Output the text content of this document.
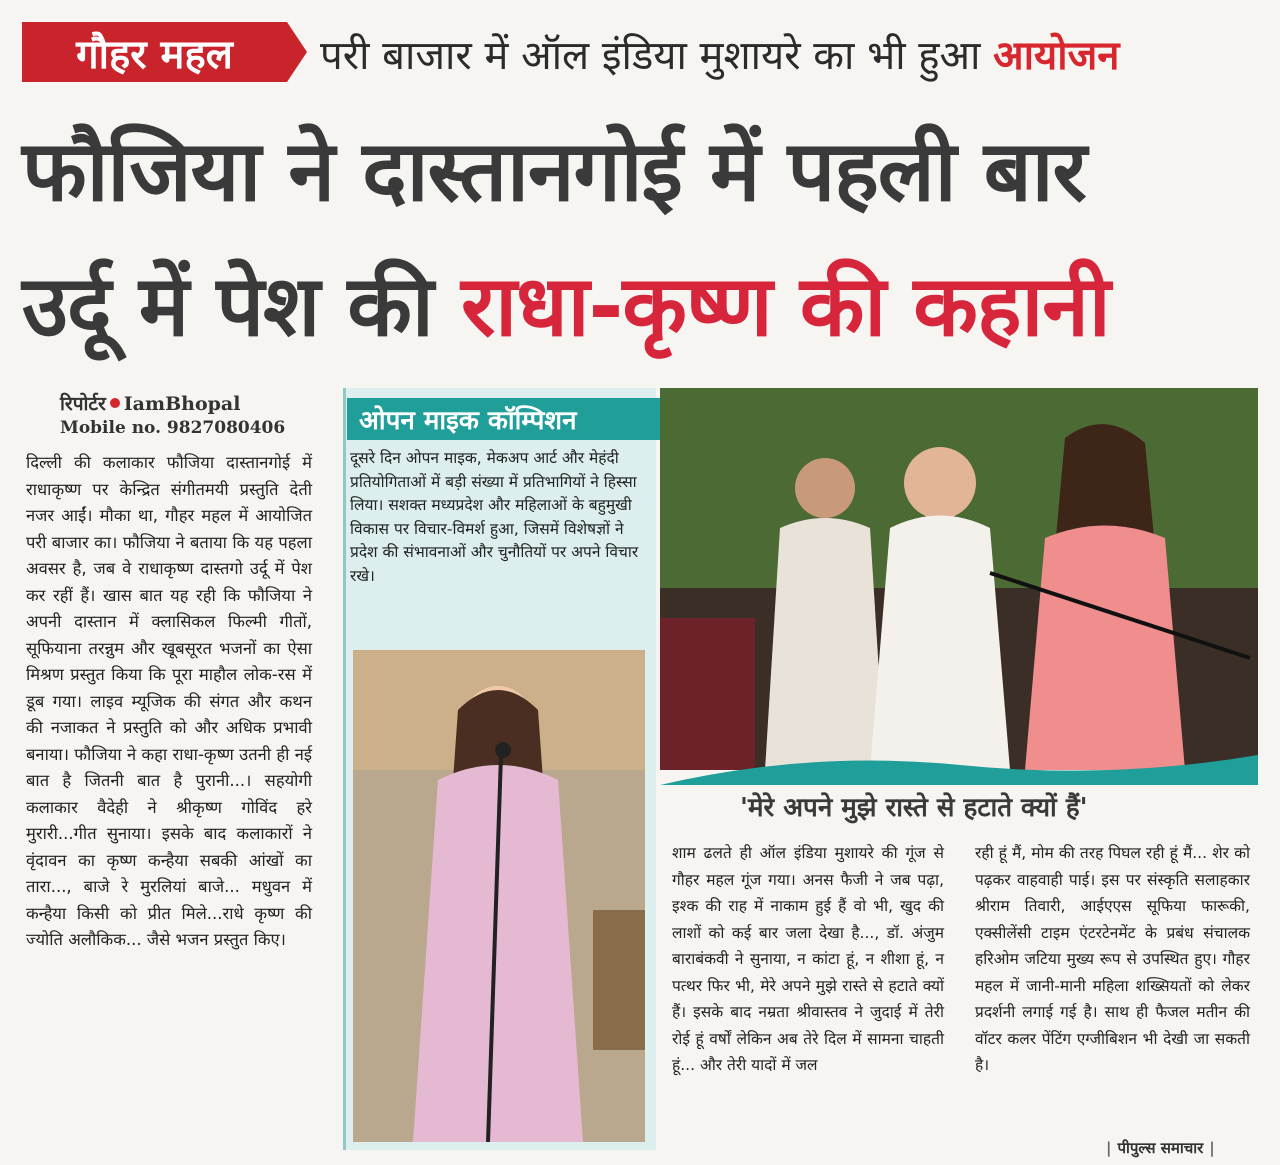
गौहर महल	परी बाजार में ऑल इंडिया मुशायरे का भी हुआ आयोजन
फौजिया ने दास्तानगोई में पहली बार
उर्दू में पेश की राधा-कृष्ण की कहानी
रिपोर्टर IamBhopal
Mobile no. 9827080406
दिल्ली की कलाकार फौजिया दास्तानगोई में राधाकृष्ण पर केन्द्रित संगीतमयी प्रस्तुति देती नजर आईं। मौका था, गौहर महल में आयोजित परी बाजार का। फौजिया ने बताया कि यह पहला अवसर है, जब वे राधाकृष्ण दास्तगो उर्दू में पेश कर रहीं हैं। खास बात यह रही कि फौजिया ने अपनी दास्तान में क्लासिकल फिल्मी गीतों, सूफियाना तरन्नुम और खूबसूरत भजनों का ऐसा मिश्रण प्रस्तुत किया कि पूरा माहौल लोक-रस में डूब गया। लाइव म्यूजिक की संगत और कथन की नजाकत ने प्रस्तुति को और अधिक प्रभावी बनाया। फौजिया ने कहा राधा-कृष्ण उतनी ही नई बात है जितनी बात है पुरानी...। सहयोगी कलाकार वैदेही ने श्रीकृष्ण गोविंद हरे मुरारी...गीत सुनाया। इसके बाद कलाकारों ने वृंदावन का कृष्ण कन्हैया सबकी आंखों का तारा..., बाजे रे मुरलियां बाजे... मधुवन में कन्हैया किसी को प्रीत मिले...राधे कृष्ण की ज्योति अलौकिक... जैसे भजन प्रस्तुत किए।
ओपन माइक कॉम्पिशन
दूसरे दिन ओपन माइक, मेकअप आर्ट और मेहंदी प्रतियोगिताओं में बड़ी संख्या में प्रतिभागियों ने हिस्सा लिया। सशक्त मध्यप्रदेश और महिलाओं के बहुमुखी विकास पर विचार-विमर्श हुआ, जिसमें विशेषज्ञों ने प्रदेश की संभावनाओं और चुनौतियों पर अपने विचार रखे।
'मेरे अपने मुझे रास्ते से हटाते क्यों हैं'
शाम ढलते ही ऑल इंडिया मुशायरे की गूंज से गौहर महल गूंज गया। अनस फैजी ने जब पढ़ा, इश्क की राह में नाकाम हुई हैं वो भी, खुद की लाशों को कई बार जला देखा है..., डॉ. अंजुम बाराबंकवी ने सुनाया, न कांटा हूं, न शीशा हूं, न पत्थर फिर भी, मेरे अपने मुझे रास्ते से हटाते क्यों हैं। इसके बाद नम्रता श्रीवास्तव ने जुदाई में तेरी रोई हूं वर्षों लेकिन अब तेरे दिल में सामना चाहती हूं... और तेरी यादों में जल
रही हूं मैं, मोम की तरह पिघल रही हूं मैं... शेर को पढ़कर वाहवाही पाई। इस पर संस्कृति सलाहकार श्रीराम तिवारी, आईएएस सूफिया फारूकी, एक्सीलेंसी टाइम एंटरटेनमेंट के प्रबंध संचालक हरिओम जटिया मुख्य रूप से उपस्थित हुए। गौहर महल में जानी-मानी महिला शख्सियतों को लेकर प्रदर्शनी लगाई गई है। साथ ही फैजल मतीन की वॉटर कलर पेंटिंग एग्जीबिशन भी देखी जा सकती है।
| पीपुल्स समाचार |
